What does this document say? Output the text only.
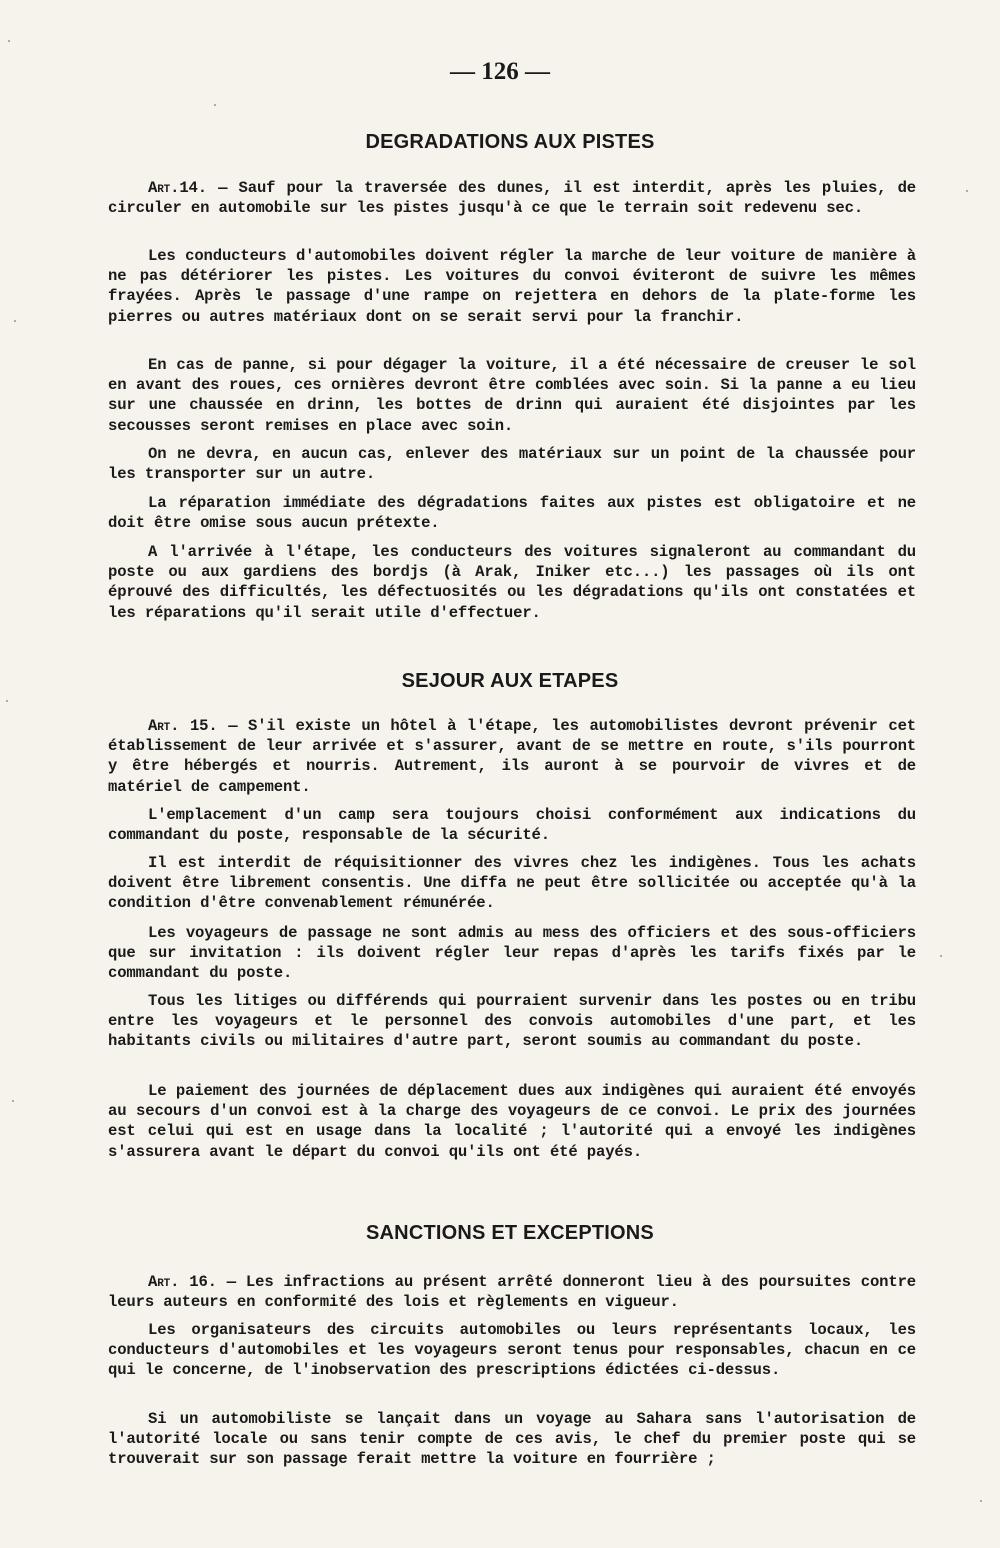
— 126 —
DEGRADATIONS AUX PISTES

Art.14. — Sauf pour la traversée des dunes, il est interdit, après les pluies, de circuler en automobile sur les pistes jusqu'à ce que le terrain soit redevenu sec.

Les conducteurs d'automobiles doivent régler la marche de leur voiture de manière à ne pas détériorer les pistes. Les voitures du convoi éviteront de suivre les mêmes frayées. Après le passage d'une rampe on rejettera en dehors de la plate-forme les pierres ou autres matériaux dont on se serait servi pour la franchir.

En cas de panne, si pour dégager la voiture, il a été nécessaire de creuser le sol en avant des roues, ces ornières devront être comblées avec soin. Si la panne a eu lieu sur une chaussée en drinn, les bottes de drinn qui auraient été disjointes par les secousses seront remises en place avec soin.

On ne devra, en aucun cas, enlever des matériaux sur un point de la chaussée pour les transporter sur un autre.

La réparation immédiate des dégradations faites aux pistes est obligatoire et ne doit être omise sous aucun prétexte.

A l'arrivée à l'étape, les conducteurs des voitures signaleront au commandant du poste ou aux gardiens des bordjs (à Arak, Iniker etc...) les passages où ils ont éprouvé des difficultés, les défectuosités ou les dégradations qu'ils ont constatées et les réparations qu'il serait utile d'effectuer.

SEJOUR AUX ETAPES

Art. 15. — S'il existe un hôtel à l'étape, les automobilistes devront prévenir cet établissement de leur arrivée et s'assurer, avant de se mettre en route, s'ils pourront y être hébergés et nourris. Autrement, ils auront à se pourvoir de vivres et de matériel de campement.

L'emplacement d'un camp sera toujours choisi conformément aux indications du commandant du poste, responsable de la sécurité.

Il est interdit de réquisitionner des vivres chez les indigènes. Tous les achats doivent être librement consentis. Une diffa ne peut être sollicitée ou acceptée qu'à la condition d'être convenablement rémunérée.

Les voyageurs de passage ne sont admis au mess des officiers et des sous-officiers que sur invitation : ils doivent régler leur repas d'après les tarifs fixés par le commandant du poste.

Tous les litiges ou différends qui pourraient survenir dans les postes ou en tribu entre les voyageurs et le personnel des convois automobiles d'une part, et les habitants civils ou militaires d'autre part, seront soumis au commandant du poste.

Le paiement des journées de déplacement dues aux indigènes qui auraient été envoyés au secours d'un convoi est à la charge des voyageurs de ce convoi. Le prix des journées est celui qui est en usage dans la localité ; l'autorité qui a envoyé les indigènes s'assurera avant le départ du convoi qu'ils ont été payés.

SANCTIONS ET EXCEPTIONS

Art. 16. — Les infractions au présent arrêté donneront lieu à des poursuites contre leurs auteurs en conformité des lois et règlements en vigueur.

Les organisateurs des circuits automobiles ou leurs représentants locaux, les conducteurs d'automobiles et les voyageurs seront tenus pour responsables, chacun en ce qui le concerne, de l'inobservation des prescriptions édictées ci-dessus.

Si un automobiliste se lançait dans un voyage au Sahara sans l'autorisation de l'autorité locale ou sans tenir compte de ces avis, le chef du premier poste qui se trouverait sur son passage ferait mettre la voiture en fourrière ;
